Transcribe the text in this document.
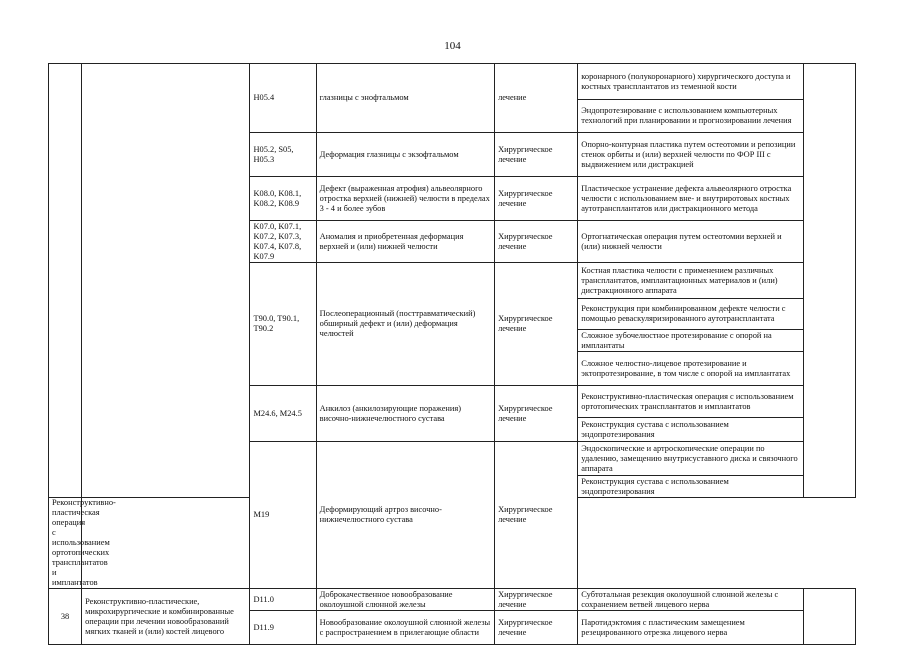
104
		H05.4	глазницы с энофтальмом	лечение	коронарного (полукоронарного) хирургического доступа и костных трансплантатов из теменной кости	
					Эндопротезирование с использованием компьютерных технологий при планировании и прогнозировании лечения	
		H05.2, S05, H05.3	Деформация глазницы с экзофтальмом	Хирургическое лечение	Опорно-контурная пластика путем остеотомии и репозиции стенок орбиты и (или) верхней челюсти по ФОР III с выдвижением или дистракцией	
		K08.0, K08.1, K08.2, K08.9	Дефект (выраженная атрофия) альвеолярного отростка верхней (нижней) челюсти в пределах 3 - 4 и более зубов	Хирургическое лечение	Пластическое устранение дефекта альвеолярного отростка челюсти с использованием вне- и внутриротовых костных аутотрансплантатов или дистракционного метода	
		K07.0, K07.1, K07.2, K07.3, K07.4, K07.8, K07.9	Аномалия и приобретенная деформация верхней и (или) нижней челюсти	Хирургическое лечение	Ортогнатическая операция путем остеотомии верхней и (или) нижней челюсти	
		T90.0, T90.1, T90.2	Послеоперационный (посттравматический) обширный дефект и (или) деформация челюстей	Хирургическое лечение	Костная пластика челюсти с применением различных трансплантатов, имплантационных материалов и (или) дистракционного аппарата	
					Реконструкция при комбинированном дефекте челюсти с помощью реваскуляризированного аутотрансплантата	
					Сложное зубочелюстное протезирование с опорой на имплантаты	
					Сложное челюстно-лицевое протезирование и эктопротезирование, в том числе с опорой на имплантатах	
		M24.6, M24.5	Анкилоз (анкилозирующие поражения) височно-нижнечелюстного сустава	Хирургическое лечение	Реконструктивно-пластическая операция с использованием ортотопических трансплантатов и имплантатов	
					Реконструкция сустава с использованием эндопротезирования	
		M19	Деформирующий артроз височно-нижнечелюстного сустава	Хирургическое лечение	Эндоскопические и артроскопические операции по удалению, замещению внутрисуставного диска и связочного аппарата	
					Реконструкция сустава с использованием эндопротезирования	
Реконструктивно-пластическая операция с использованием ортотопических трансплантатов и имплантатов						
38	Реконструктивно-пластические, микрохирургические и комбинированные операции при лечении новообразований мягких тканей и (или) костей лицевого	D11.0	Доброкачественное новообразование околоушной слюнной железы	Хирургическое лечение	Субтотальная резекция околоушной слюнной железы с сохранением ветвей лицевого нерва	
		D11.9	Новообразование околоушной слюнной железы с распространением в прилегающие области	Хирургическое лечение	Паротидэктомия с пластическим замещением резецированного отрезка лицевого нерва	
